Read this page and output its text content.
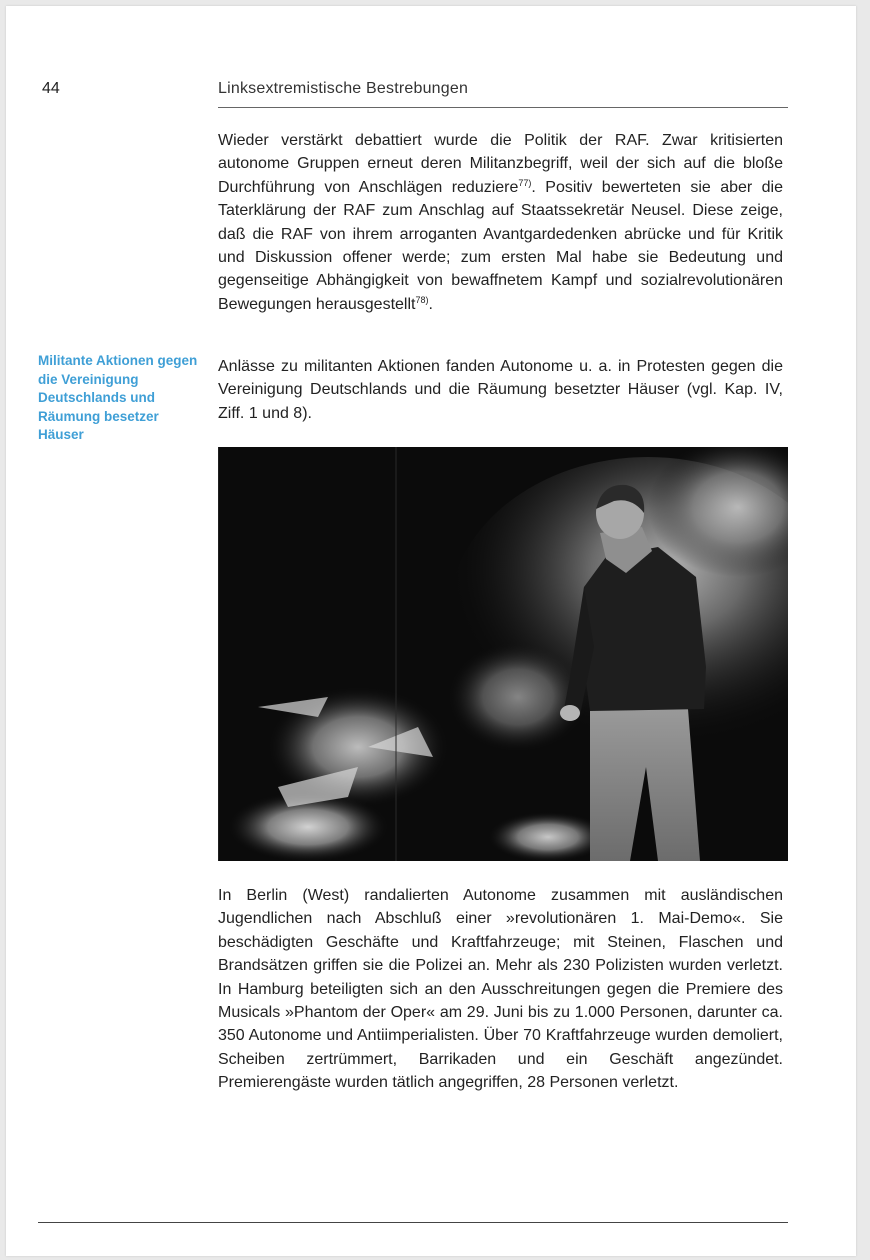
44	Linksextremistische Bestrebungen

Wieder verstärkt debattiert wurde die Politik der RAF. Zwar kritisierten autonome Gruppen erneut deren Militanzbegriff, weil der sich auf die bloße Durchführung von Anschlägen reduziere$^{77)}$. Positiv bewerteten sie aber die Taterklärung der RAF zum Anschlag auf Staatssekretär Neusel. Diese zeige, daß die RAF von ihrem arroganten Avantgardedenken abrücke und für Kritik und Diskussion offener werde; zum ersten Mal habe sie Bedeutung und gegenseitige Abhängigkeit von bewaffnetem Kampf und sozialrevolutionären Bewegungen herausgestellt$^{78)}$.

Militante Aktionen gegen die Vereinigung Deutschlands und Räumung besetzer Häuser

Anlässe zu militanten Aktionen fanden Autonome u. a. in Protesten gegen die Vereinigung Deutschlands und die Räumung besetzter Häuser (vgl. Kap. IV, Ziff. 1 und 8).

In Berlin (West) randalierten Autonome zusammen mit ausländischen Jugendlichen nach Abschluß einer »revolutionären 1. Mai-Demo«. Sie beschädigten Geschäfte und Kraftfahrzeuge; mit Steinen, Flaschen und Brandsätzen griffen sie die Polizei an. Mehr als 230 Polizisten wurden verletzt. In Hamburg beteiligten sich an den Ausschreitungen gegen die Premiere des Musicals »Phantom der Oper« am 29. Juni bis zu 1.000 Personen, darunter ca. 350 Autonome und Antiimperialisten. Über 70 Kraftfahrzeuge wurden demoliert, Scheiben zertrümmert, Barrikaden und ein Geschäft angezündet. Premierengäste wurden tätlich angegriffen, 28 Personen verletzt.
